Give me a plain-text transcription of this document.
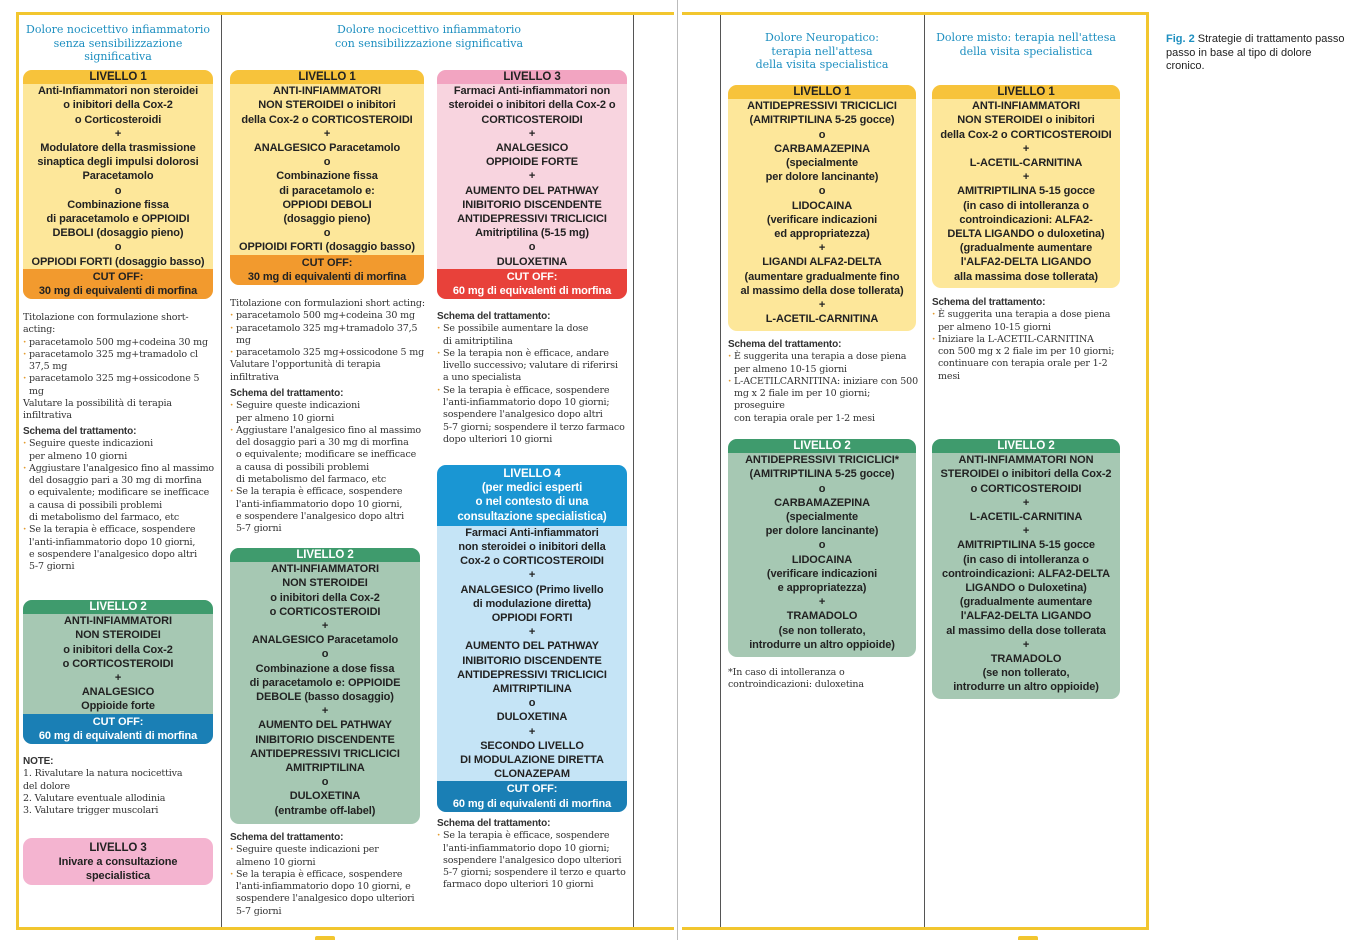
Dolore nocicettivo infiammatorio
senza sensibilizzazione
significativa
Dolore nocicettivo infiammatorio
con sensibilizzazione significativa	Dolore Neuropatico:
terapia nell'attesa
della visita specialistica
Dolore misto: terapia nell'attesa
della visita specialistica
LIVELLO 1
Anti-Infiammatori non steroidei
o inibitori della Cox-2
o Corticosteroidi
+
Modulatore della trasmissione
sinaptica degli impulsi dolorosi
Paracetamolo
o
Combinazione fissa
di paracetamolo e OPPIOIDI
DEBOLI (dosaggio pieno)
o
OPPIODI FORTI (dosaggio basso)
CUT OFF:
30 mg di equivalenti di morfina
Titolazione con formulazione short-
acting:
· paracetamolo 500 mg+codeina 30 mg
· paracetamolo 325 mg+tramadolo cl
37,5 mg
· paracetamolo 325 mg+ossicodone 5 mg
Valutare la possibilità di terapia
infiltrativa
Schema del trattamento:
· Seguire queste indicazioni
per almeno 10 giorni
· Aggiustare l'analgesico fino al massimo
del dosaggio pari a 30 mg di morfina
o equivalente; modificare se inefficace
a causa di possibili problemi
di metabolismo del farmaco, etc
· Se la terapia è efficace, sospendere
l'anti-infiammatorio dopo 10 giorni,
e sospendere l'analgesico dopo altri
5-7 giorni
LIVELLO 2
ANTI-INFIAMMATORI
NON STEROIDEI
o inibitori della Cox-2
o CORTICOSTEROIDI
+
ANALGESICO
Oppioide forte
CUT OFF:
60 mg di equivalenti di morfina
NOTE:
1. Rivalutare la natura nocicettiva
del dolore
2. Valutare eventuale allodinia
3. Valutare trigger muscolari
LIVELLO 3
Inivare a consultazione
specialistica
LIVELLO 1
ANTI-INFIAMMATORI
NON STEROIDEI o inibitori
della Cox-2 o CORTICOSTEROIDI
+
ANALGESICO Paracetamolo
o
Combinazione fissa
di paracetamolo e:
OPPIODI DEBOLI
(dosaggio pieno)
o
OPPIOIDI FORTI (dosaggio basso)
CUT OFF:
30 mg di equivalenti di morfina
Titolazione con formulazioni short acting:
· paracetamolo 500 mg+codeina 30 mg
· paracetamolo 325 mg+tramadolo 37,5 mg
· paracetamolo 325 mg+ossicodone 5 mg
Valutare l'opportunità di terapia
infiltrativa
Schema del trattamento:
· Seguire queste indicazioni
per almeno 10 giorni
· Aggiustare l'analgesico fino al massimo
del dosaggio pari a 30 mg di morfina
o equivalente; modificare se inefficace
a causa di possibili problemi
di metabolismo del farmaco, etc
· Se la terapia è efficace, sospendere
l'anti-infiammatorio dopo 10 giorni,
e sospendere l'analgesico dopo altri
5-7 giorni
LIVELLO 2
ANTI-INFIAMMATORI
NON STEROIDEI
o inibitori della Cox-2
o CORTICOSTEROIDI
+
ANALGESICO Paracetamolo
o
Combinazione a dose fissa
di paracetamolo e: OPPIOIDE
DEBOLE (basso dosaggio)
+
AUMENTO DEL PATHWAY
INIBITORIO DISCENDENTE
ANTIDEPRESSIVI TRICLICICI
AMITRIPTILINA
o
DULOXETINA
(entrambe off-label)
Schema del trattamento:
· Seguire queste indicazioni per
almeno 10 giorni
· Se la terapia è efficace, sospendere
l'anti-infiammatorio dopo 10 giorni, e
sospendere l'analgesico dopo ulteriori
5-7 giorni
LIVELLO 3
Farmaci Anti-infiammatori non
steroidei o inibitori della Cox-2 o
CORTICOSTEROIDI
+
ANALGESICO
OPPIOIDE FORTE
+
AUMENTO DEL PATHWAY
INIBITORIO DISCENDENTE
ANTIDEPRESSIVI TRICLICICI
Amitriptilina (5-15 mg)
o
DULOXETINA
CUT OFF:
60 mg di equivalenti di morfina
Schema del trattamento:
· Se possibile aumentare la dose
di amitriptilina
· Se la terapia non è efficace, andare
livello successivo; valutare di riferirsi
a uno specialista
· Se la terapia è efficace, sospendere
l'anti-infiammatorio dopo 10 giorni;
sospendere l'analgesico dopo altri
5-7 giorni; sospendere il terzo farmaco
dopo ulteriori 10 giorni
LIVELLO 4
(per medici esperti
o nel contesto di una
consultazione specialistica)
Farmaci Anti-infiammatori
non steroidei o inibitori della
Cox-2 o CORTICOSTEROIDI
+
ANALGESICO (Primo livello
di modulazione diretta)
OPPIODI FORTI
+
AUMENTO DEL PATHWAY
INIBITORIO DISCENDENTE
ANTIDEPRESSIVI TRICLICICI
AMITRIPTILINA
o
DULOXETINA
+
SECONDO LIVELLO
DI MODULAZIONE DIRETTA
CLONAZEPAM
CUT OFF:
60 mg di equivalenti di morfina
Schema del trattamento:
· Se la terapia è efficace, sospendere
l'anti-infiammatorio dopo 10 giorni;
sospendere l'analgesico dopo ulteriori
5-7 giorni; sospendere il terzo e quarto
farmaco dopo ulteriori 10 giorni
LIVELLO 1
ANTIDEPRESSIVI TRICICLICI
(AMITRIPTILINA 5-25 gocce)
o
CARBAMAZEPINA
(specialmente
per dolore lancinante)
o
LIDOCAINA
(verificare indicazioni
ed appropriatezza)
+
LIGANDI ALFA2-DELTA
(aumentare gradualmente fino
al massimo della dose tollerata)
+
L-ACETIL-CARNITINA
Schema del trattamento:
· È suggerita una terapia a dose piena
per almeno 10-15 giorni
· L-ACETILCARNITINA: iniziare con 500
mg x 2 fiale im per 10 giorni; proseguire
con terapia orale per 1-2 mesi
LIVELLO 2
ANTIDEPRESSIVI TRICICLICI*
(AMITRIPTILINA 5-25 gocce)
o
CARBAMAZEPINA
(specialmente
per dolore lancinante)
o
LIDOCAINA
(verificare indicazioni
e appropriatezza)
+
TRAMADOLO
(se non tollerato,
introdurre un altro oppioide)
*In caso di intolleranza o
controindicazioni: duloxetina
LIVELLO 1
ANTI-INFIAMMATORI
NON STEROIDEI o inibitori
della Cox-2 o CORTICOSTEROIDI
+
L-ACETIL-CARNITINA
+
AMITRIPTILINA 5-15 gocce
(in caso di intolleranza o
controindicazioni: ALFA2-
DELTA LIGANDO o duloxetina)
(gradualmente aumentare
l'ALFA2-DELTA LIGANDO
alla massima dose tollerata)
Schema del trattamento:
· È suggerita una terapia a dose piena
per almeno 10-15 giorni
· Iniziare la L-ACETIL-CARNITINA
con 500 mg x 2 fiale im per 10 giorni;
continuare con terapia orale per 1-2
mesi
LIVELLO 2
ANTI-INFIAMMATORI NON
STEROIDEI o inibitori della Cox-2
o CORTICOSTEROIDI
+
L-ACETIL-CARNITINA
+
AMITRIPTILINA 5-15 gocce
(in caso di intolleranza o
controindicazioni: ALFA2-DELTA
LIGANDO o Duloxetina)
(gradualmente aumentare
l'ALFA2-DELTA LIGANDO
al massimo della dose tollerata
+
TRAMADOLO
(se non tollerato,
introdurre un altro oppioide)
Fig. 2 Strategie di trattamento passo passo in base al tipo di dolore cronico.
